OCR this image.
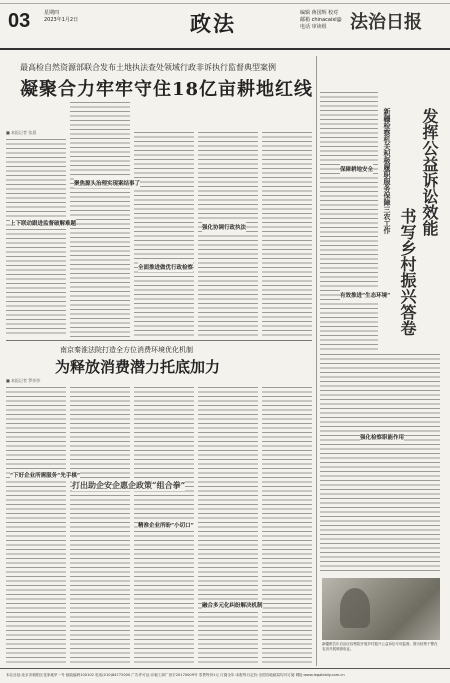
03	星期四
2023年1月2日	政法	编辑 蒋国辉 校对
邮箱 chinacaixl@
电话 审读组	法治日报
最高检自然资源部联合发布土地执法查处领域行政非诉执行监督典型案例
凝聚合力牢牢守住18亿亩耕地红线
■ 本报记者 张晨
上下联动跟进监督破解难题
聚焦源头治理实现案结事了
全面推进做优行政检察
强化协调行政执法
南京秦淮法院打造全方位消费环境优化机制
为释放消费潜力托底加力
■ 本报记者 罗莎莎
打出助企安企惠企政策“组合拳”
“下好企业所需服务“先手棋”
精准企业所盼“小切口”
融合多元化纠纷解决机制
发挥公益诉讼效能
书写乡村振兴答卷
新疆检察机关积极履职服务保障三农工作
保障耕地安全
有效推进“生态环境”
强化检察职能作用
新疆维吾尔自治区检察院开展乡村振兴公益诉讼专项监督。图为检察干警在农田开展调查取证。
本社社址:北京市朝阳区花家地甲一号 邮政编码100102 电话(010)84772000 广告许可证:京朝工商广登字20170009号 零售每份1元 订阅全年:本报每月定价:全国各地邮局均可订阅 网址:www.legaldaily.com.cn
